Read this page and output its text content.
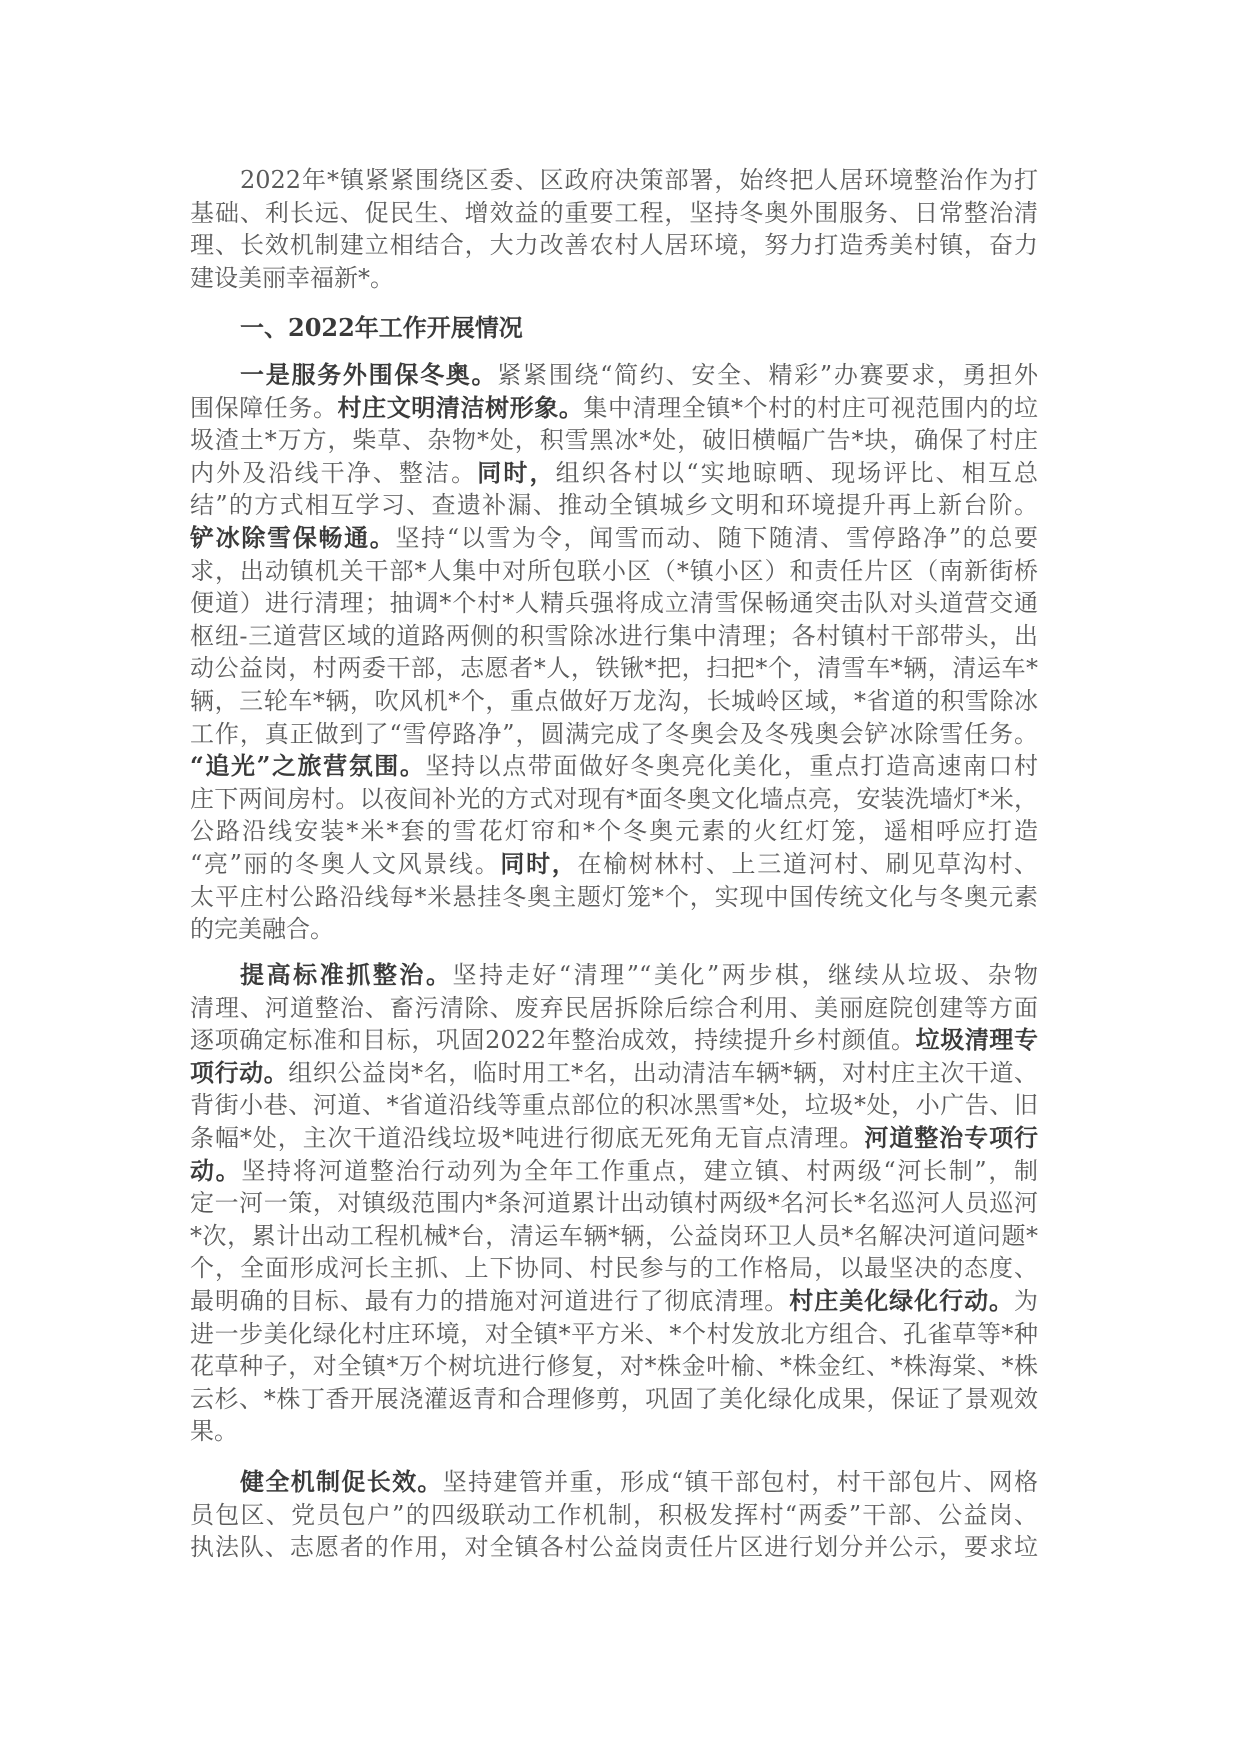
2022年*镇紧紧围绕区委、区政府决策部署，始终把人居环境整治作为打
基础、利长远、促民生、增效益的重要工程，坚持冬奥外围服务、日常整治清
理、长效机制建立相结合，大力改善农村人居环境，努力打造秀美村镇，奋力
建设美丽幸福新*。
一、2022年工作开展情况
一是服务外围保冬奥。紧紧围绕“简约、安全、精彩”办赛要求，勇担外
围保障任务。村庄文明清洁树形象。集中清理全镇*个村的村庄可视范围内的垃
圾渣土*万方，柴草、杂物*处，积雪黑冰*处，破旧横幅广告*块，确保了村庄
内外及沿线干净、整洁。同时，组织各村以“实地晾晒、现场评比、相互总
结”的方式相互学习、查遗补漏、推动全镇城乡文明和环境提升再上新台阶。
铲冰除雪保畅通。坚持“以雪为令，闻雪而动、随下随清、雪停路净”的总要
求，出动镇机关干部*人集中对所包联小区（*镇小区）和责任片区（南新街桥
便道）进行清理；抽调*个村*人精兵强将成立清雪保畅通突击队对头道营交通
枢纽-三道营区域的道路两侧的积雪除冰进行集中清理；各村镇村干部带头，出
动公益岗，村两委干部，志愿者*人，铁锹*把，扫把*个，清雪车*辆，清运车*
辆，三轮车*辆，吹风机*个，重点做好万龙沟，长城岭区域，*省道的积雪除冰
工作，真正做到了“雪停路净”，圆满完成了冬奥会及冬残奥会铲冰除雪任务。
“追光”之旅营氛围。坚持以点带面做好冬奥亮化美化，重点打造高速南口村
庄下两间房村。以夜间补光的方式对现有*面冬奥文化墙点亮，安装洗墙灯*米，
公路沿线安装*米*套的雪花灯帘和*个冬奥元素的火红灯笼，遥相呼应打造
“亮”丽的冬奥人文风景线。同时，在榆树林村、上三道河村、刷见草沟村、
太平庄村公路沿线每*米悬挂冬奥主题灯笼*个，实现中国传统文化与冬奥元素
的完美融合。
提高标准抓整治。坚持走好“清理”“美化”两步棋，继续从垃圾、杂物
清理、河道整治、畜污清除、废弃民居拆除后综合利用、美丽庭院创建等方面
逐项确定标准和目标，巩固2022年整治成效，持续提升乡村颜值。垃圾清理专
项行动。组织公益岗*名，临时用工*名，出动清洁车辆*辆，对村庄主次干道、
背街小巷、河道、*省道沿线等重点部位的积冰黑雪*处，垃圾*处，小广告、旧
条幅*处，主次干道沿线垃圾*吨进行彻底无死角无盲点清理。河道整治专项行
动。坚持将河道整治行动列为全年工作重点，建立镇、村两级“河长制”，制
定一河一策，对镇级范围内*条河道累计出动镇村两级*名河长*名巡河人员巡河
*次，累计出动工程机械*台，清运车辆*辆，公益岗环卫人员*名解决河道问题*
个，全面形成河长主抓、上下协同、村民参与的工作格局，以最坚决的态度、
最明确的目标、最有力的措施对河道进行了彻底清理。村庄美化绿化行动。为
进一步美化绿化村庄环境，对全镇*平方米、*个村发放北方组合、孔雀草等*种
花草种子，对全镇*万个树坑进行修复，对*株金叶榆、*株金红、*株海棠、*株
云杉、*株丁香开展浇灌返青和合理修剪，巩固了美化绿化成果，保证了景观效
果。
健全机制促长效。坚持建管并重，形成“镇干部包村，村干部包片、网格
员包区、党员包户”的四级联动工作机制，积极发挥村“两委”干部、公益岗、
执法队、志愿者的作用，对全镇各村公益岗责任片区进行划分并公示，要求垃
